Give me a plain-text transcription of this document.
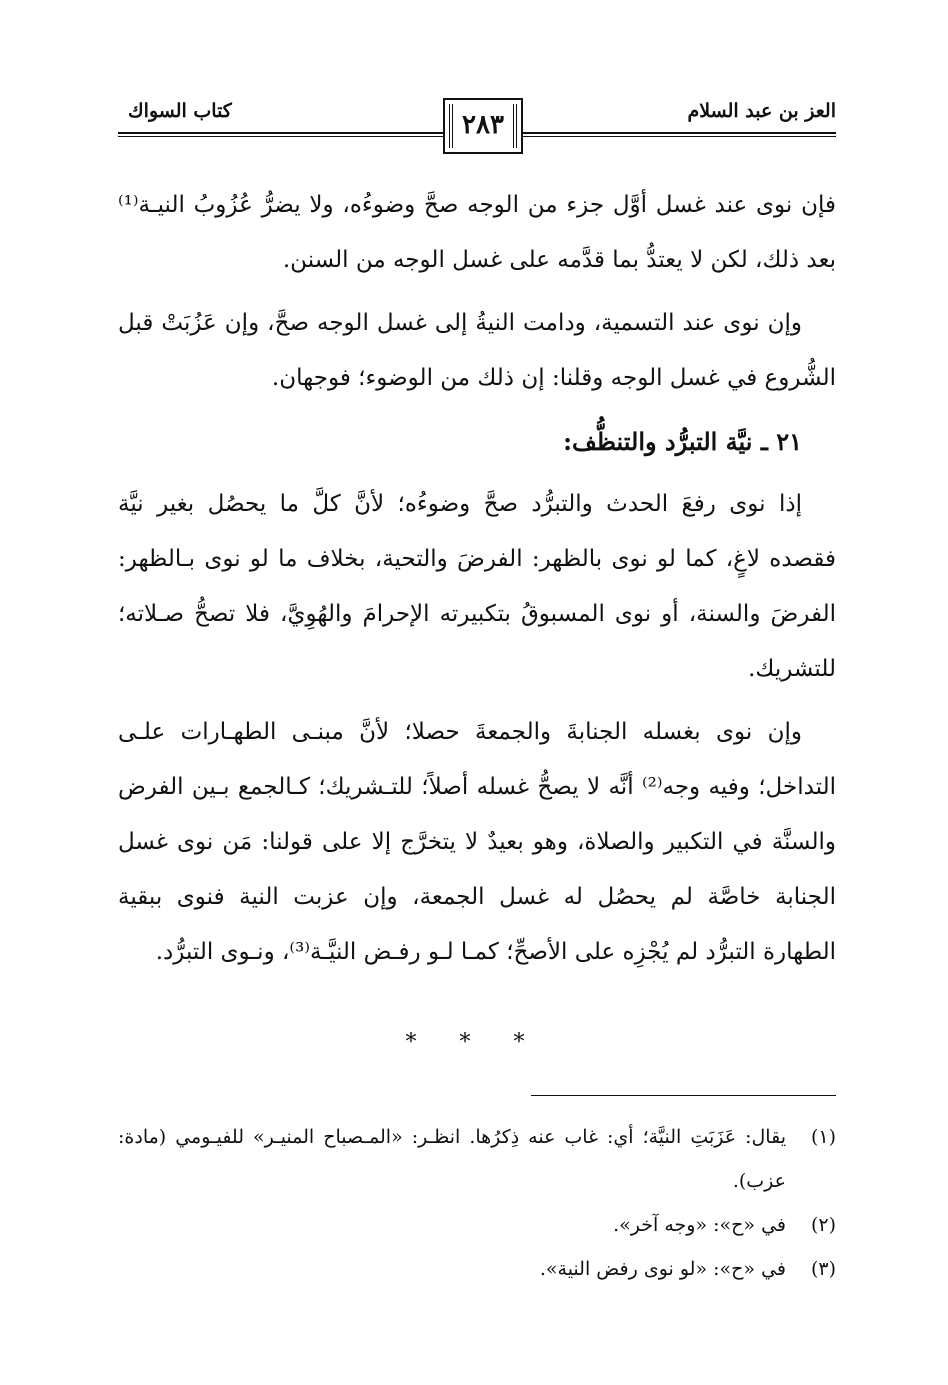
العز بن عبد السلام
كتاب السواك	٢٨٣

فإن نوى عند غسل أوَّل جزء من الوجه صحَّ وضوءُه، ولا يضرُّ عُزُوبُ النيـة⁽¹⁾ بعد ذلك، لكن لا يعتدُّ بما قدَّمه على غسل الوجه من السنن.

وإن نوى عند التسمية، ودامت النيةُ إلى غسل الوجه صحَّ، وإن عَزُبَتْ قبل الشُّروع في غسل الوجه وقلنا: إن ذلك من الوضوء؛ فوجهان.

٢١ ـ نيَّة التبرُّد والتنظُّف:

إذا نوى رفعَ الحدث والتبرُّد صحَّ وضوءُه؛ لأنَّ كلَّ ما يحصُل بغير نيَّة فقصده لاغٍ، كما لو نوى بالظهر: الفرضَ والتحية، بخلاف ما لو نوى بـالظهر: الفرضَ والسنة، أو نوى المسبوقُ بتكبيرته الإحرامَ والهُوِيَّ، فلا تصحُّ صـلاته؛ للتشريك.

وإن نوى بغسله الجنابةَ والجمعةَ حصلا؛ لأنَّ مبنـى الطهـارات علـى التداخل؛ وفيه وجه⁽²⁾ أنَّه لا يصحُّ غسله أصلاً؛ للتـشريك؛ كـالجمع بـين الفرض والسنَّة في التكبير والصلاة، وهو بعيدٌ لا يتخرَّج إلا على قولنا: مَن نوى غسل الجنابة خاصَّة لم يحصُل له غسل الجمعة، وإن عزبت النية فنوى ببقية الطهارة التبرُّد لم يُجْزِه على الأصحِّ؛ كمـا لـو رفـض النيَّـة⁽³⁾، ونـوى التبرُّد.

* * *
(١)
يقال: عَزَبَتِ النيَّة؛ أي: غاب عنه ذِكرُها. انظـر: «المـصباح المنيـر» للفيـومي (مادة: عزب).
(٢)
في «ح»: «وجه آخر».
(٣)
في «ح»: «لو نوى رفض النية».
